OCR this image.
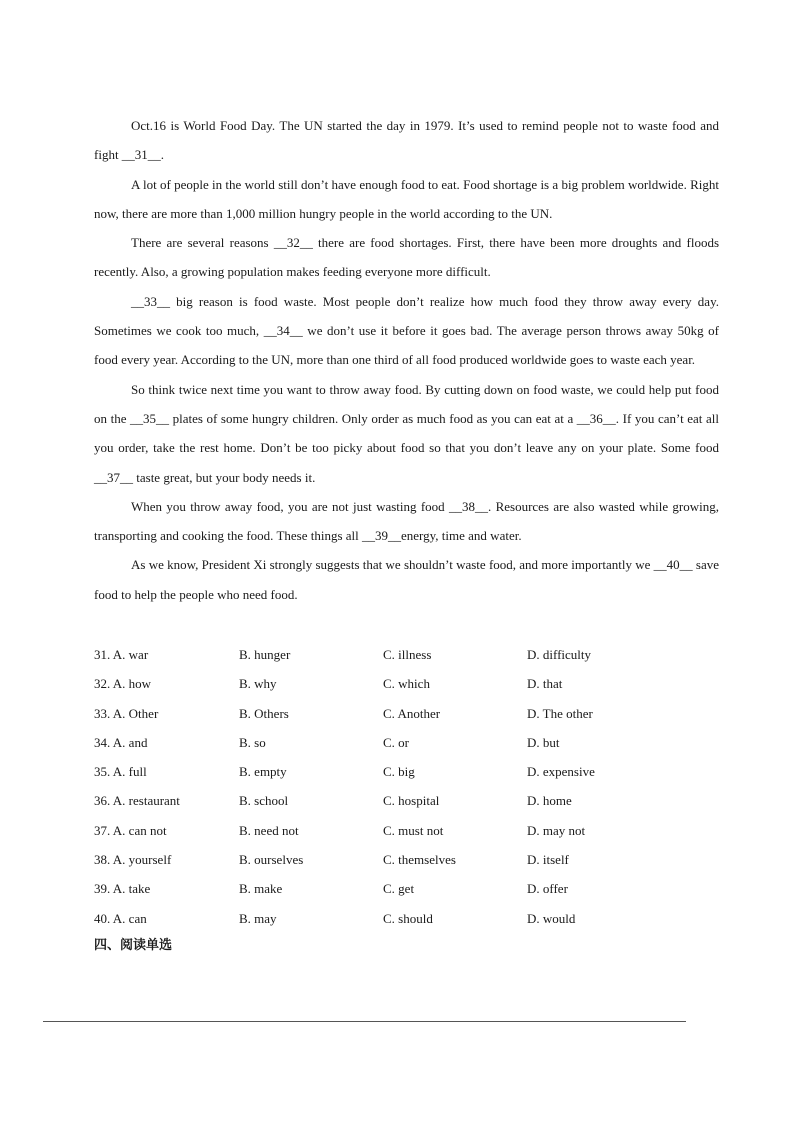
Oct.16 is World Food Day. The UN started the day in 1979. It’s used to remind people not to waste food and fight __31__.

A lot of people in the world still don’t have enough food to eat. Food shortage is a big problem worldwide. Right now, there are more than 1,000 million hungry people in the world according to the UN.

There are several reasons __32__ there are food shortages. First, there have been more droughts and floods recently. Also, a growing population makes feeding everyone more difficult.

__33__ big reason is food waste. Most people don’t realize how much food they throw away every day. Sometimes we cook too much, __34__ we don’t use it before it goes bad. The average person throws away 50kg of food every year. According to the UN, more than one third of all food produced worldwide goes to waste each year.

So think twice next time you want to throw away food. By cutting down on food waste, we could help put food on the __35__ plates of some hungry children. Only order as much food as you can eat at a __36__. If you can’t eat all you order, take the rest home. Don’t be too picky about food so that you don’t leave any on your plate. Some food __37__ taste great, but your body needs it.

When you throw away food, you are not just wasting food __38__. Resources are also wasted while growing, transporting and cooking the food. These things all __39__energy, time and water.

As we know, President Xi strongly suggests that we shouldn’t waste food, and more importantly we __40__ save food to help the people who need food.

31. A. war	B. hunger	C. illness	D. difficulty
32. A. how	B. why	C. which	D. that
33. A. Other	B. Others	C. Another	D. The other
34. A. and	B. so	C. or	D. but
35. A. full	B. empty	C. big	D. expensive
36. A. restaurant	B. school	C. hospital	D. home
37. A. can not	B. need not	C. must not	D. may not
38. A. yourself	B. ourselves	C. themselves	D. itself
39. A. take	B. make	C. get	D. offer
40. A. can	B. may	C. should	D. would
四、阅读单选
